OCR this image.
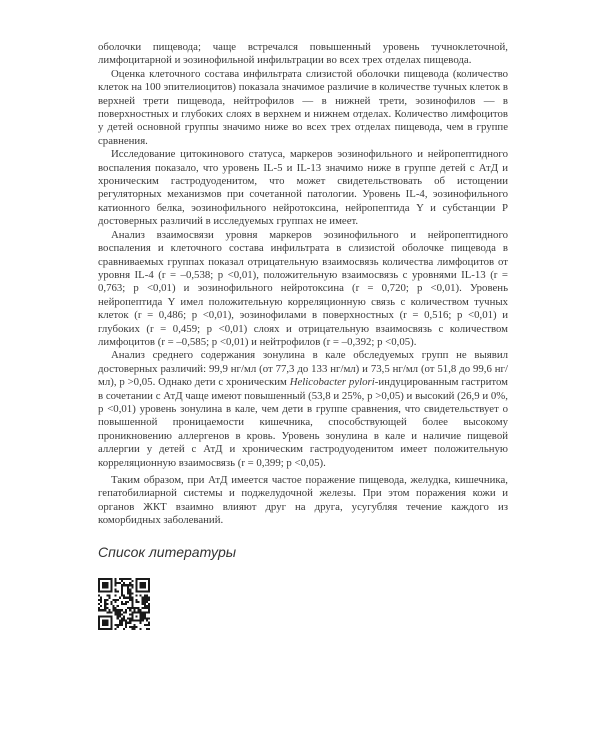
оболочки пищевода; чаще встречался повышенный уровень тучноклеточной, лимфоцитарной и эозинофильной инфильтрации во всех трех отделах пищевода.

Оценка клеточного состава инфильтрата слизистой оболочки пищевода (количество клеток на 100 эпителиоцитов) показала значимое различие в количестве тучных клеток в верхней трети пищевода, нейтрофилов — в нижней трети, эозинофилов — в поверхностных и глубоких слоях в верхнем и нижнем отделах. Количество лимфоцитов у детей основной группы значимо ниже во всех трех отделах пищевода, чем в группе сравнения.

Исследование цитокинового статуса, маркеров эозинофильного и нейропептидного воспаления показало, что уровень IL-5 и IL-13 значимо ниже в группе детей с АтД и хроническим гастродуоденитом, что может свидетельствовать об истощении регуляторных механизмов при сочетанной патологии. Уровень IL-4, эозинофильного катионного белка, эозинофильного нейротоксина, нейропептида Y и субстанции Р достоверных различий в исследуемых группах не имеет.

Анализ взаимосвязи уровня маркеров эозинофильного и нейропептидного воспаления и клеточного состава инфильтрата в слизистой оболочке пищевода в сравниваемых группах показал отрицательную взаимосвязь количества лимфоцитов от уровня IL-4 (r = –0,538; p <0,01), положительную взаимосвязь с уровнями IL-13 (r = 0,763; p <0,01) и эозинофильного нейротоксина (r = 0,720; p <0,01). Уровень нейропептида Y имел положительную корреляционную связь с количеством тучных клеток (r = 0,486; p <0,01), эозинофилами в поверхностных (r = 0,516; p <0,01) и глубоких (r = 0,459; p <0,01) слоях и отрицательную взаимосвязь с количеством лимфоцитов (r = –0,585; p <0,01) и нейтрофилов (r = –0,392; p <0,05).

Анализ среднего содержания зонулина в кале обследуемых групп не выявил достоверных различий: 99,9 нг/мл (от 77,3 до 133 нг/мл) и 73,5 нг/мл (от 51,8 до 99,6 нг/мл), p >0,05. Однако дети с хроническим Helicobacter pylori-индуцированным гастритом в сочетании с АтД чаще имеют повышенный (53,8 и 25%, p >0,05) и высокий (26,9 и 0%, p <0,01) уровень зонулина в кале, чем дети в группе сравнения, что свидетельствует о повышенной проницаемости кишечника, способствующей более высокому проникновению аллергенов в кровь. Уровень зонулина в кале и наличие пищевой аллергии у детей с АтД и хроническим гастродуоденитом имеет положительную корреляционную взаимосвязь (r = 0,399; p <0,05).

Таким образом, при АтД имеется частое поражение пищевода, желудка, кишечника, гепатобилиарной системы и поджелудочной железы. При этом поражения кожи и органов ЖКТ взаимно влияют друг на друга, усугубляя течение каждого из коморбидных заболеваний.

Список литературы
